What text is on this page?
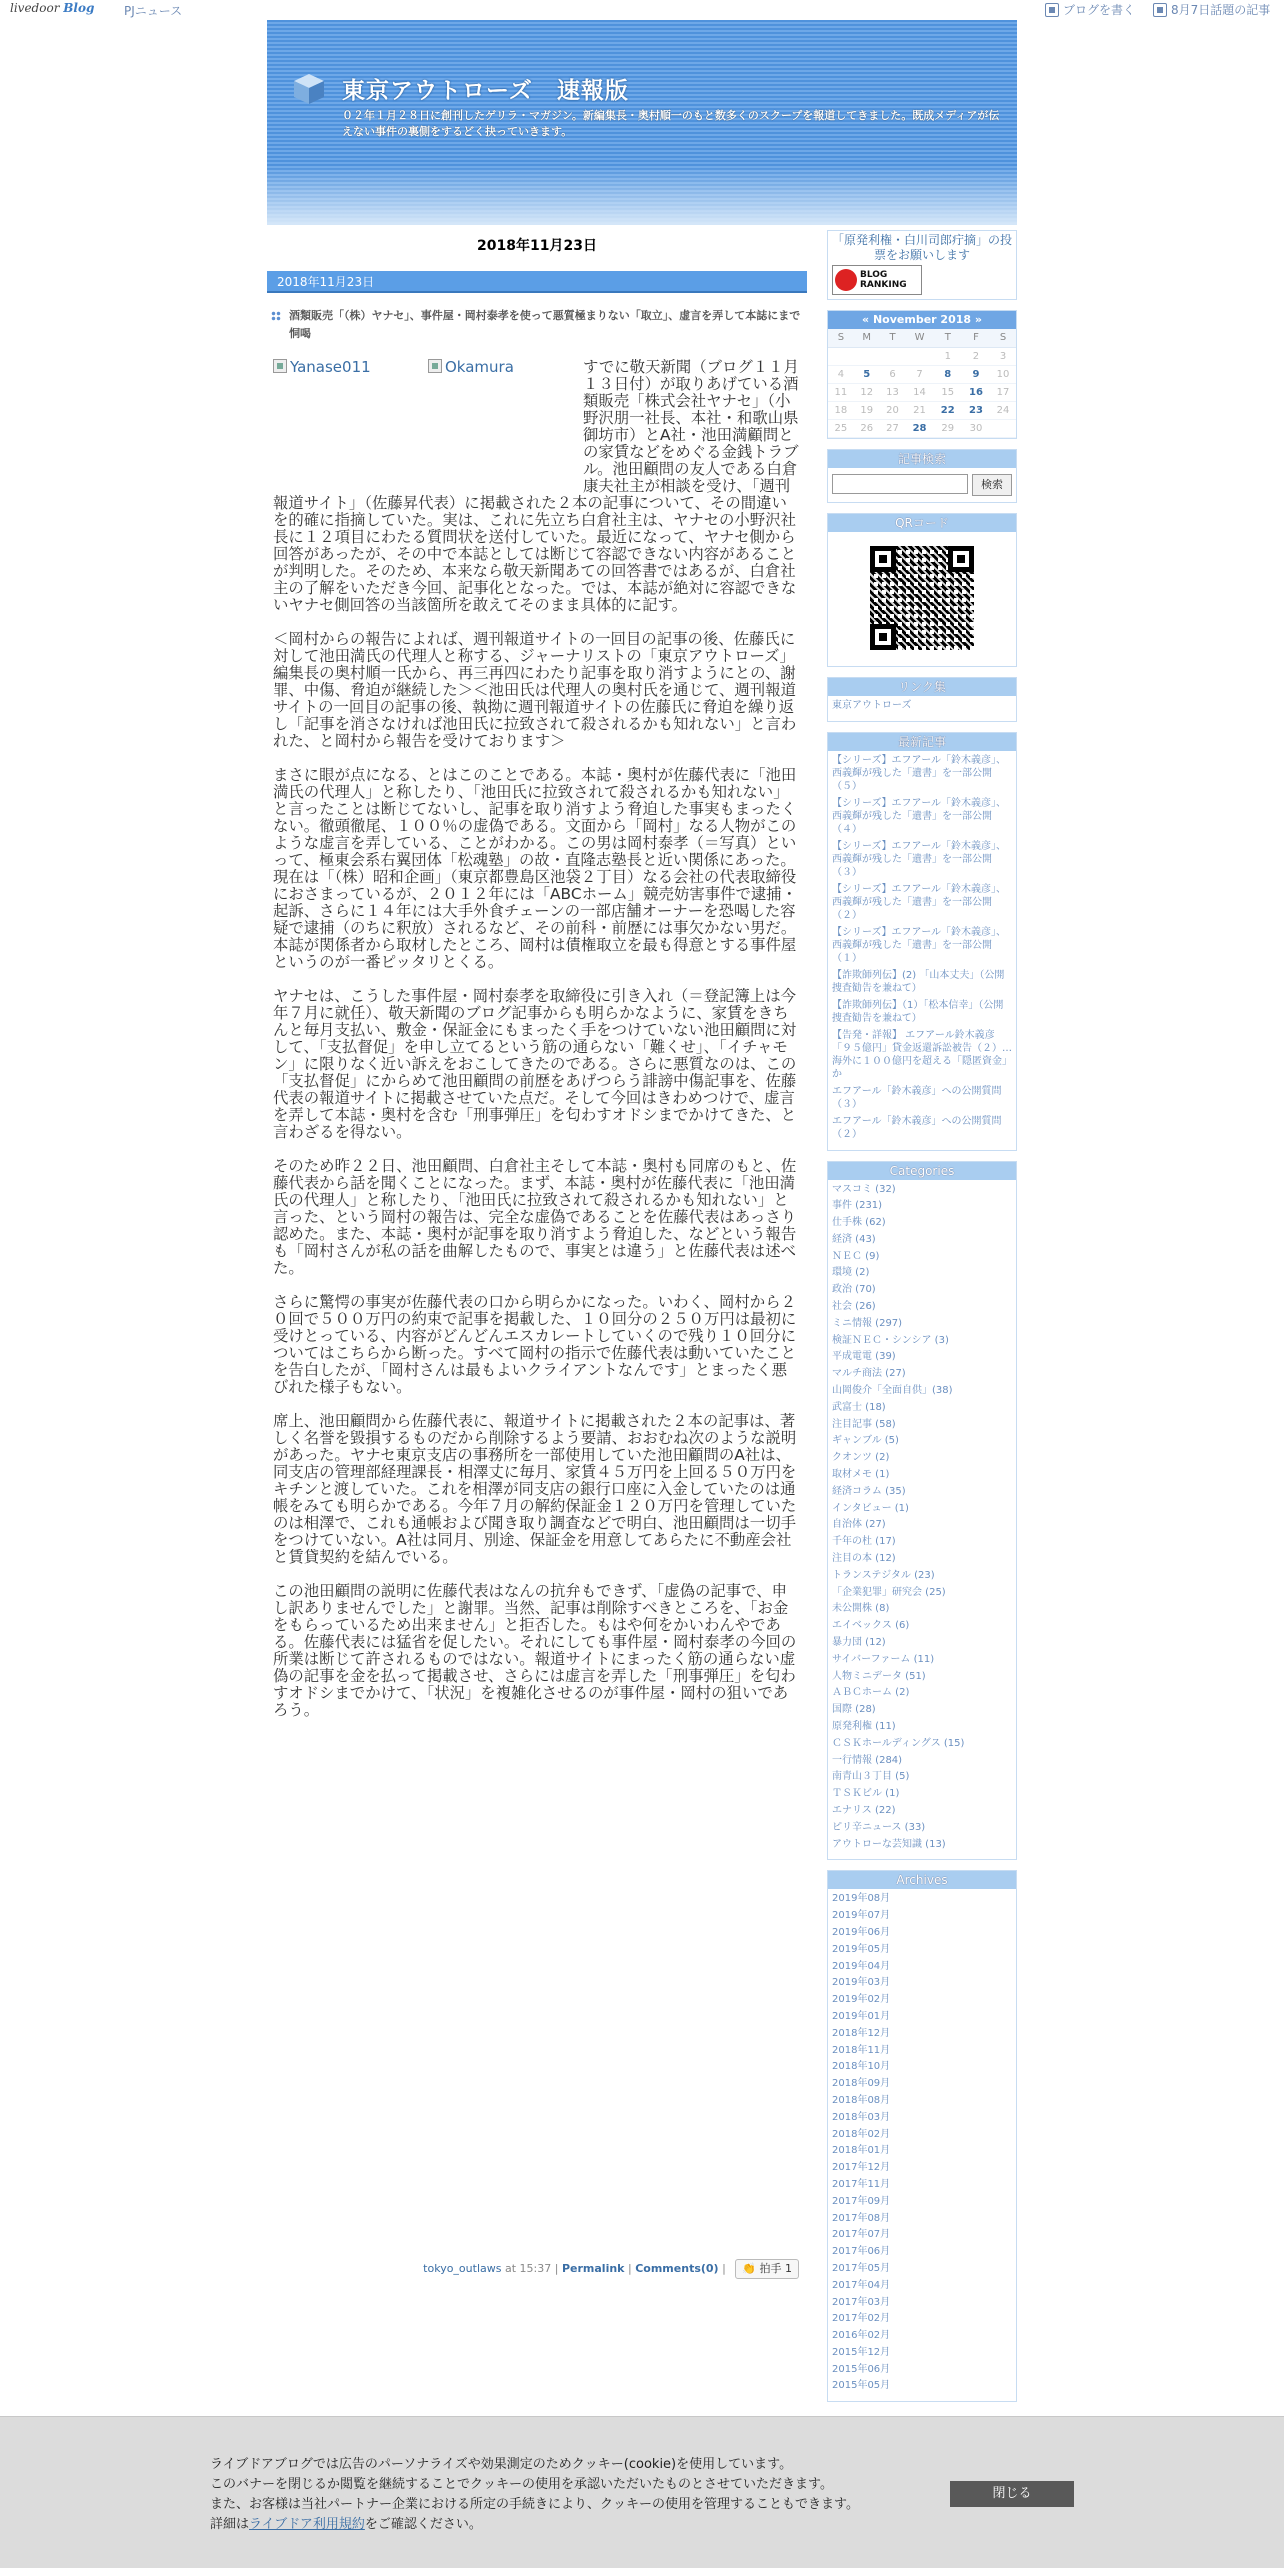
livedoor Blog PJニュース	ブログを書く	8月7日話題の記事
東京アウトローズ　速報版
０２年１月２８日に創刊したゲリラ・マガジン。新編集長・奥村順一のもと数多くのスクープを報道してきました。既成メディアが伝えない事件の裏側をするどく抉っていきます。
2018年11月23日
2018年11月23日
酒類販売「（株）ヤナセ」、事件屋・岡村泰孝を使って悪質極まりない「取立」、虚言を弄して本誌にまで恫喝
Yanase011	Okamura	すでに敬天新聞（ブログ１１月１３日付）が取りあげている酒類販売「株式会社ヤナセ」（小野沢朋一社長、本社・和歌山県御坊市）とA社・池田満顧問との家賃などをめぐる金銭トラブル。池田顧問の友人である白倉康夫社主が相談を受け、「週刊報道サイト」（佐藤昇代表）に掲載された２本の記事について、その間違いを的確に指摘していた。実は、これに先立ち白倉社主は、ヤナセの小野沢社長に１２項目にわたる質問状を送付していた。最近になって、ヤナセ側から回答があったが、その中で本誌としては断じて容認できない内容があることが判明した。そのため、本来なら敬天新聞あての回答書ではあるが、白倉社主の了解をいただき今回、記事化となった。では、本誌が絶対に容認できないヤナセ側回答の当該箇所を敢えてそのまま具体的に記す。

＜岡村からの報告によれば、週刊報道サイトの一回目の記事の後、佐藤氏に対して池田満氏の代理人と称する、ジャーナリストの「東京アウトローズ」編集長の奥村順一氏から、再三再四にわたり記事を取り消すようにとの、謝罪、中傷、脅迫が継続した＞＜池田氏は代理人の奥村氏を通じて、週刊報道サイトの一回目の記事の後、執拗に週刊報道サイトの佐藤氏に脅迫を繰り返し「記事を消さなければ池田氏に拉致されて殺されるかも知れない」と言われた、と岡村から報告を受けております＞

まさに眼が点になる、とはこのことである。本誌・奥村が佐藤代表に「池田満氏の代理人」と称したり、「池田氏に拉致されて殺されるかも知れない」と言ったことは断じてないし、記事を取り消すよう脅迫した事実もまったくない。徹頭徹尾、１００％の虚偽である。文面から「岡村」なる人物がこのような虚言を弄している、ことがわかる。この男は岡村泰孝（＝写真）といって、極東会系右翼団体「松魂塾」の故・直隆志塾長と近い関係にあった。現在は「（株）昭和企画」（東京都豊島区池袋２丁目）なる会社の代表取締役におさまっているが、２０１２年には「ABCホーム」競売妨害事件で逮捕・起訴、さらに１４年には大手外食チェーンの一部店舗オーナーを恐喝した容疑で逮捕（のちに釈放）されるなど、その前科・前歴には事欠かない男だ。本誌が関係者から取材したところ、岡村は債権取立を最も得意とする事件屋というのが一番ピッタリとくる。

ヤナセは、こうした事件屋・岡村泰孝を取締役に引き入れ（＝登記簿上は今年７月に就任）、敬天新聞のブログ記事からも明らかなように、家賃をきちんと毎月支払い、敷金・保証金にもまったく手をつけていない池田顧問に対して、「支払督促」を申し立てるという筋の通らない「難くせ」、「イチャモン」に限りなく近い訴えをおこしてきたのである。さらに悪質なのは、この「支払督促」にからめて池田顧問の前歴をあげつらう誹謗中傷記事を、佐藤代表の報道サイトに掲載させていた点だ。そして今回はきわめつけで、虚言を弄して本誌・奥村を含む「刑事弾圧」を匂わすオドシまでかけてきた、と言わざるを得ない。

そのため昨２２日、池田顧問、白倉社主そして本誌・奥村も同席のもと、佐藤代表から話を聞くことになった。まず、本誌・奥村が佐藤代表に「池田満氏の代理人」と称したり、「池田氏に拉致されて殺されるかも知れない」と言った、という岡村の報告は、完全な虚偽であることを佐藤代表はあっさり認めた。また、本誌・奥村が記事を取り消すよう脅迫した、などという報告も「岡村さんが私の話を曲解したもので、事実とは違う」と佐藤代表は述べた。

さらに驚愕の事実が佐藤代表の口から明らかになった。いわく、岡村から２０回で５００万円の約束で記事を掲載した、１０回分の２５０万円は最初に受けとっている、内容がどんどんエスカレートしていくので残り１０回分についてはこちらから断った。すべて岡村の指示で佐藤代表は動いていたことを告白したが、「岡村さんは最もよいクライアントなんです」とまったく悪びれた様子もない。

席上、池田顧問から佐藤代表に、報道サイトに掲載された２本の記事は、著しく名誉を毀損するものだから削除するよう要請、おおむね次のような説明があった。ヤナセ東京支店の事務所を一部使用していた池田顧問のA社は、同支店の管理部経理課長・相澤丈に毎月、家賃４５万円を上回る５０万円をキチンと渡していた。これを相澤が同支店の銀行口座に入金していたのは通帳をみても明らかである。今年７月の解約保証金１２０万円を管理していたのは相澤で、これも通帳および聞き取り調査などで明白、池田顧問は一切手をつけていない。A社は同月、別途、保証金を用意してあらたに不動産会社と賃貸契約を結んでいる。

この池田顧問の説明に佐藤代表はなんの抗弁もできず、「虚偽の記事で、申し訳ありませんでした」と謝罪。当然、記事は削除すべきところを、「お金をもらっているため出来ません」と拒否した。もはや何をかいわんやである。佐藤代表には猛省を促したい。それにしても事件屋・岡村泰孝の今回の所業は断じて許されるものではない。報道サイトにまったく筋の通らない虚偽の記事を金を払って掲載させ、さらには虚言を弄した「刑事弾圧」を匂わすオドシまでかけて、「状況」を複雑化させるのが事件屋・岡村の狙いであろう。

tokyo_outlaws at 15:37 | Permalink | Comments(0) | 👏 拍手 1
「原発利権・白川司郎疔摘」の投票をお願いします
BLOG
RANKING
« November 2018 »
S	M	T	W	T	F	S
				1	2	3
4	5	6	7	8	9	10
11	12	13	14	15	16	17
18	19	20	21	22	23	24
25	26	27	28	29	30	
記事検索
検索
QRコード
リンク集
東京アウトローズ
最新記事
【シリーズ】エフアール「鈴木義彦」、西義輝が残した「遺書」を一部公開（５）
【シリーズ】エフアール「鈴木義彦」、西義輝が残した「遺書」を一部公開（４）
【シリーズ】エフアール「鈴木義彦」、西義輝が残した「遺書」を一部公開（３）
【シリーズ】エフアール「鈴木義彦」、西義輝が残した「遺書」を一部公開（２）
【シリーズ】エフアール「鈴木義彦」、西義輝が残した「遺書」を一部公開（１）
【詐欺師列伝】(2) 「山本丈夫」（公開捜査勧告を兼ねて）
【詐欺師列伝】（1）「松本信幸」（公開捜査勧告を兼ねて）
【告発・詳報】 エフアール鈴木義彦「９５億円」貸金返還訴訟被告（２）…海外に１００億円を超える「隠匿資金」か
エフアール「鈴木義彦」への公開質問（３）
エフアール「鈴木義彦」への公開質問（２）
Categories
マスコミ (32)
事件 (231)
仕手株 (62)
経済 (43)
ＮＥＣ (9)
環境 (2)
政治 (70)
社会 (26)
ミニ情報 (297)
検証ＮＥＣ・シンシア (3)
平成電電 (39)
マルチ商法 (27)
山岡俊介「全面自供」(38)
武富士 (18)
注目記事 (58)
ギャンブル (5)
クオンツ (2)
取材メモ (1)
経済コラム (35)
インタビュー (1)
自治体 (27)
千年の杜 (17)
注目の本 (12)
トランステジタル (23)
「企業犯罪」研究会 (25)
未公開株 (8)
エイベックス (6)
暴力団 (12)
サイバーファーム (11)
人物ミニデータ (51)
ＡＢＣホーム (2)
国際 (28)
原発利権 (11)
ＣＳＫホールディングス (15)
一行情報 (284)
南青山３丁目 (5)
ＴＳＫビル (1)
エナリス (22)
ピリ辛ニュース (33)
アウトローな芸知識 (13)
Archives
2019年08月
2019年07月
2019年06月
2019年05月
2019年04月
2019年03月
2019年02月
2019年01月
2018年12月
2018年11月
2018年10月
2018年09月
2018年08月
2018年03月
2018年02月
2018年01月
2017年12月
2017年11月
2017年09月
2017年08月
2017年07月
2017年06月
2017年05月
2017年04月
2017年03月
2017年02月
2016年02月
2015年12月
2015年06月
2015年05月
ライブドアブログでは広告のパーソナライズや効果測定のためクッキー(cookie)を使用しています。
このバナーを閉じるか閲覧を継続することでクッキーの使用を承認いただいたものとさせていただきます。
また、お客様は当社パートナー企業における所定の手続きにより、クッキーの使用を管理することもできます。
詳細はライブドア利用規約をご確認ください。
閉じる
